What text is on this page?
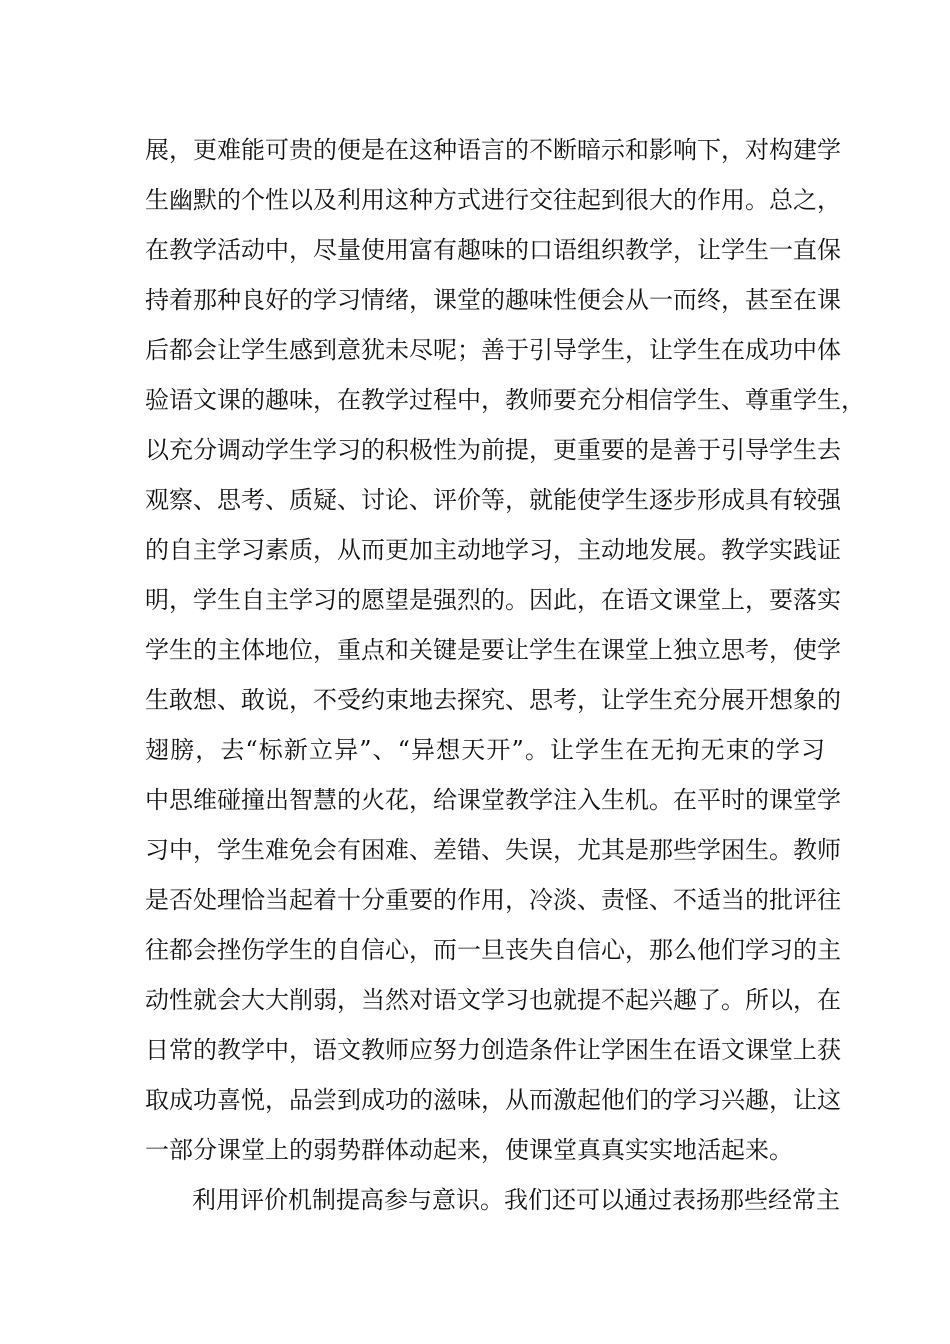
展，更难能可贵的便是在这种语言的不断暗示和影响下，对构建学
生幽默的个性以及利用这种方式进行交往起到很大的作用。总之，
在教学活动中，尽量使用富有趣味的口语组织教学，让学生一直保
持着那种良好的学习情绪，课堂的趣味性便会从一而终，甚至在课
后都会让学生感到意犹未尽呢；善于引导学生，让学生在成功中体
验语文课的趣味，在教学过程中，教师要充分相信学生、尊重学生，
以充分调动学生学习的积极性为前提，更重要的是善于引导学生去
观察、思考、质疑、讨论、评价等，就能使学生逐步形成具有较强
的自主学习素质，从而更加主动地学习，主动地发展。教学实践证
明，学生自主学习的愿望是强烈的。因此，在语文课堂上，要落实
学生的主体地位，重点和关键是要让学生在课堂上独立思考，使学
生敢想、敢说，不受约束地去探究、思考，让学生充分展开想象的
翅膀，去“标新立异”、“异想天开”。让学生在无拘无束的学习
中思维碰撞出智慧的火花，给课堂教学注入生机。在平时的课堂学
习中，学生难免会有困难、差错、失误，尤其是那些学困生。教师
是否处理恰当起着十分重要的作用，冷淡、责怪、不适当的批评往
往都会挫伤学生的自信心，而一旦丧失自信心，那么他们学习的主
动性就会大大削弱，当然对语文学习也就提不起兴趣了。所以，在
日常的教学中，语文教师应努力创造条件让学困生在语文课堂上获
取成功喜悦，品尝到成功的滋味，从而激起他们的学习兴趣，让这
一部分课堂上的弱势群体动起来，使课堂真真实实地活起来。
利用评价机制提高参与意识。我们还可以通过表扬那些经常主
